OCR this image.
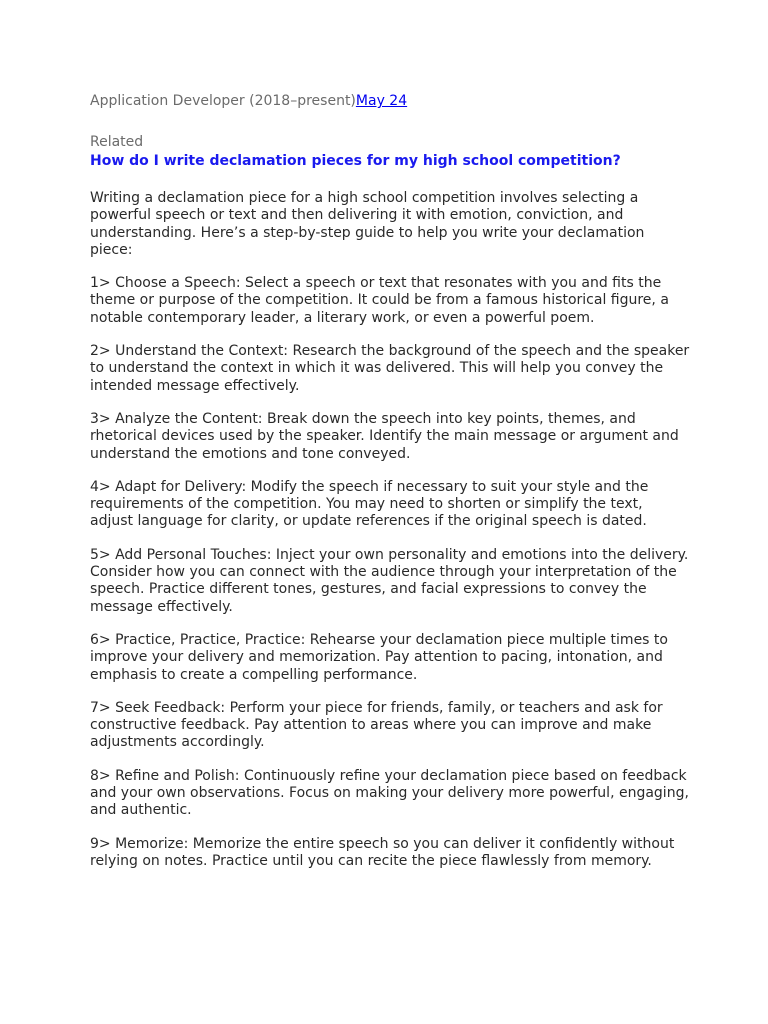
Application Developer (2018–present)May 24

Related

How do I write declamation pieces for my high school competition?

Writing a declamation piece for a high school competition involves selecting a powerful speech or text and then delivering it with emotion, conviction, and understanding. Here’s a step-by-step guide to help you write your declamation piece:

1> Choose a Speech: Select a speech or text that resonates with you and fits the theme or purpose of the competition. It could be from a famous historical figure, a notable contemporary leader, a literary work, or even a powerful poem.

2> Understand the Context: Research the background of the speech and the speaker to understand the context in which it was delivered. This will help you convey the intended message effectively.

3> Analyze the Content: Break down the speech into key points, themes, and rhetorical devices used by the speaker. Identify the main message or argument and understand the emotions and tone conveyed.

4> Adapt for Delivery: Modify the speech if necessary to suit your style and the requirements of the competition. You may need to shorten or simplify the text, adjust language for clarity, or update references if the original speech is dated.

5> Add Personal Touches: Inject your own personality and emotions into the delivery. Consider how you can connect with the audience through your interpretation of the speech. Practice different tones, gestures, and facial expressions to convey the message effectively.

6> Practice, Practice, Practice: Rehearse your declamation piece multiple times to improve your delivery and memorization. Pay attention to pacing, intonation, and emphasis to create a compelling performance.

7> Seek Feedback: Perform your piece for friends, family, or teachers and ask for constructive feedback. Pay attention to areas where you can improve and make adjustments accordingly.

8> Refine and Polish: Continuously refine your declamation piece based on feedback and your own observations. Focus on making your delivery more powerful, engaging, and authentic.

9> Memorize: Memorize the entire speech so you can deliver it confidently without relying on notes. Practice until you can recite the piece flawlessly from memory.
